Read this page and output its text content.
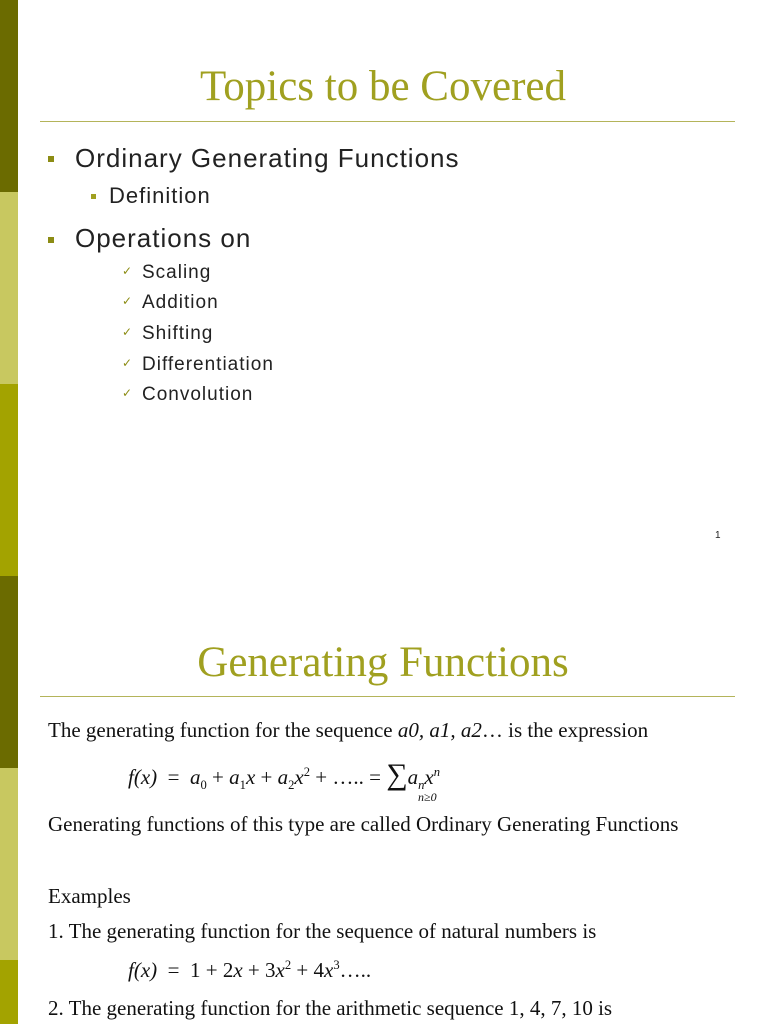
Topics to be Covered
Ordinary Generating Functions
Definition
Operations on
✓ Scaling
✓ Addition
✓ Shifting
✓ Differentiation
✓ Convolution
1
Generating Functions
The generating function for the sequence a0, a1, a2… is the expression
$f(x) = a_0 + a_1x + a_2x^2$ + ….. = $\sum a_nx^n$
n≥0
Generating functions of this type are called Ordinary Generating Functions
Examples
1. The generating function for the sequence of natural numbers is
$f(x) = 1 + 2x + 3x^2$ + $4x^3\dots$..
2. The generating function for the arithmetic sequence 1, 4, 7, 10 is
